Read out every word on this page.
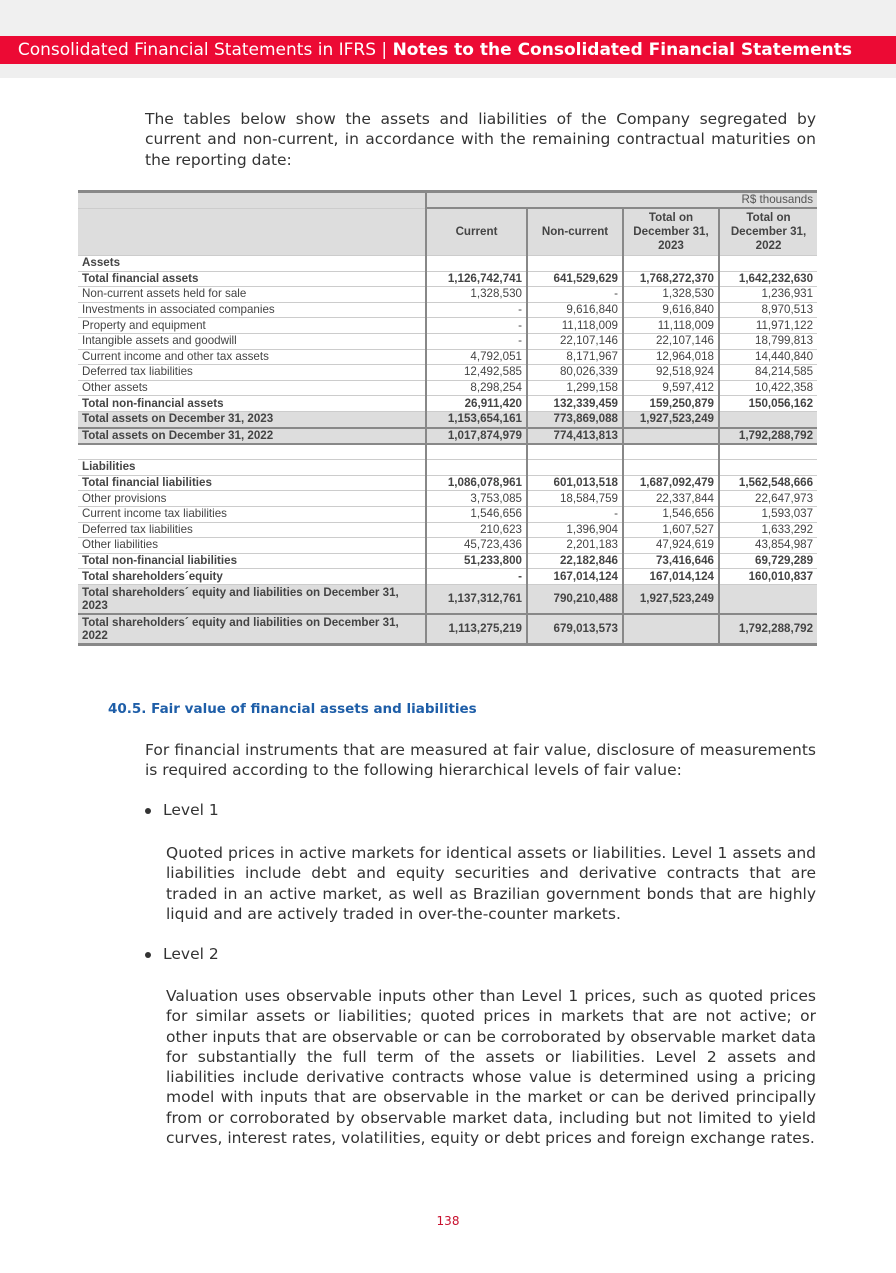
Consolidated Financial Statements in IFRS | Notes to the Consolidated Financial Statements
The tables below show the assets and liabilities of the Company segregated by current and non-current, in accordance with the remaining contractual maturities on the reporting date:
	R$ thousands			
	Current	Non-current	Total on December 31, 2023	Total on December 31, 2022
Assets				
Total financial assets	1,126,742,741	641,529,629	1,768,272,370	1,642,232,630
Non-current assets held for sale	1,328,530	-	1,328,530	1,236,931
Investments in associated companies	-	9,616,840	9,616,840	8,970,513
Property and equipment	-	11,118,009	11,118,009	11,971,122
Intangible assets and goodwill	-	22,107,146	22,107,146	18,799,813
Current income and other tax assets	4,792,051	8,171,967	12,964,018	14,440,840
Deferred tax liabilities	12,492,585	80,026,339	92,518,924	84,214,585
Other assets	8,298,254	1,299,158	9,597,412	10,422,358
Total non-financial assets	26,911,420	132,339,459	159,250,879	150,056,162
Total assets on December 31, 2023	1,153,654,161	773,869,088	1,927,523,249	
Total assets on December 31, 2022	1,017,874,979	774,413,813		1,792,288,792

Liabilities				
Total financial liabilities	1,086,078,961	601,013,518	1,687,092,479	1,562,548,666
Other provisions	3,753,085	18,584,759	22,337,844	22,647,973
Current income tax liabilities	1,546,656	-	1,546,656	1,593,037
Deferred tax liabilities	210,623	1,396,904	1,607,527	1,633,292
Other liabilities	45,723,436	2,201,183	47,924,619	43,854,987
Total non-financial liabilities	51,233,800	22,182,846	73,416,646	69,729,289
Total shareholders´equity	-	167,014,124	167,014,124	160,010,837
Total shareholders´ equity and liabilities on December 31, 2023	1,137,312,761	790,210,488	1,927,523,249	
Total shareholders´ equity and liabilities on December 31, 2022	1,113,275,219	679,013,573		1,792,288,792
40.5. Fair value of financial assets and liabilities
For financial instruments that are measured at fair value, disclosure of measurements is required according to the following hierarchical levels of fair value:
Level 1
Quoted prices in active markets for identical assets or liabilities. Level 1 assets and liabilities include debt and equity securities and derivative contracts that are traded in an active market, as well as Brazilian government bonds that are highly liquid and are actively traded in over-the-counter markets.
Level 2
Valuation uses observable inputs other than Level 1 prices, such as quoted prices for similar assets or liabilities; quoted prices in markets that are not active; or other inputs that are observable or can be corroborated by observable market data for substantially the full term of the assets or liabilities. Level 2 assets and liabilities include derivative contracts whose value is determined using a pricing model with inputs that are observable in the market or can be derived principally from or corroborated by observable market data, including but not limited to yield curves, interest rates, volatilities, equity or debt prices and foreign exchange rates.
138
